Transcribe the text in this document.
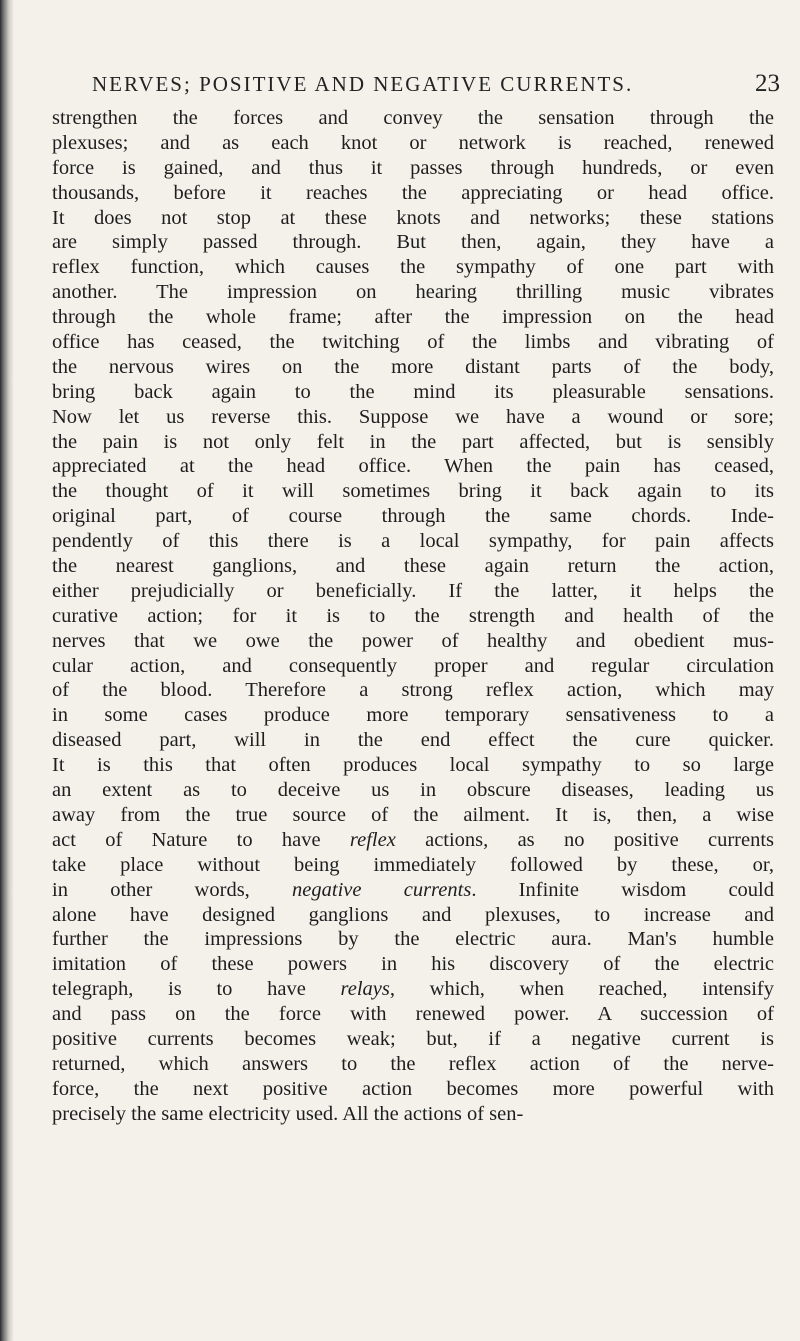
NERVES; POSITIVE AND NEGATIVE CURRENTS.	23
strengthen the forces and convey the sensation through the
plexuses; and as each knot or network is reached, renewed
force is gained, and thus it passes through hundreds, or even
thousands, before it reaches the appreciating or head office.
It does not stop at these knots and networks; these stations
are simply passed through. But then, again, they have a
reflex function, which causes the sympathy of one part with
another. The impression on hearing thrilling music vibrates
through the whole frame; after the impression on the head
office has ceased, the twitching of the limbs and vibrating of
the nervous wires on the more distant parts of the body,
bring back again to the mind its pleasurable sensations.
Now let us reverse this. Suppose we have a wound or sore;
the pain is not only felt in the part affected, but is sensibly
appreciated at the head office. When the pain has ceased,
the thought of it will sometimes bring it back again to its
original part, of course through the same chords. Inde-
pendently of this there is a local sympathy, for pain affects
the nearest ganglions, and these again return the action,
either prejudicially or beneficially. If the latter, it helps the
curative action; for it is to the strength and health of the
nerves that we owe the power of healthy and obedient mus-
cular action, and consequently proper and regular circulation
of the blood. Therefore a strong reflex action, which may
in some cases produce more temporary sensativeness to a
diseased part, will in the end effect the cure quicker.
It is this that often produces local sympathy to so large
an extent as to deceive us in obscure diseases, leading us
away from the true source of the ailment. It is, then, a wise
act of Nature to have reflex actions, as no positive currents
take place without being immediately followed by these, or,
in other words, negative currents. Infinite wisdom could
alone have designed ganglions and plexuses, to increase and
further the impressions by the electric aura. Man's humble
imitation of these powers in his discovery of the electric
telegraph, is to have relays, which, when reached, intensify
and pass on the force with renewed power. A succession of
positive currents becomes weak; but, if a negative current is
returned, which answers to the reflex action of the nerve-
force, the next positive action becomes more powerful with
precisely the same electricity used. All the actions of sen-
